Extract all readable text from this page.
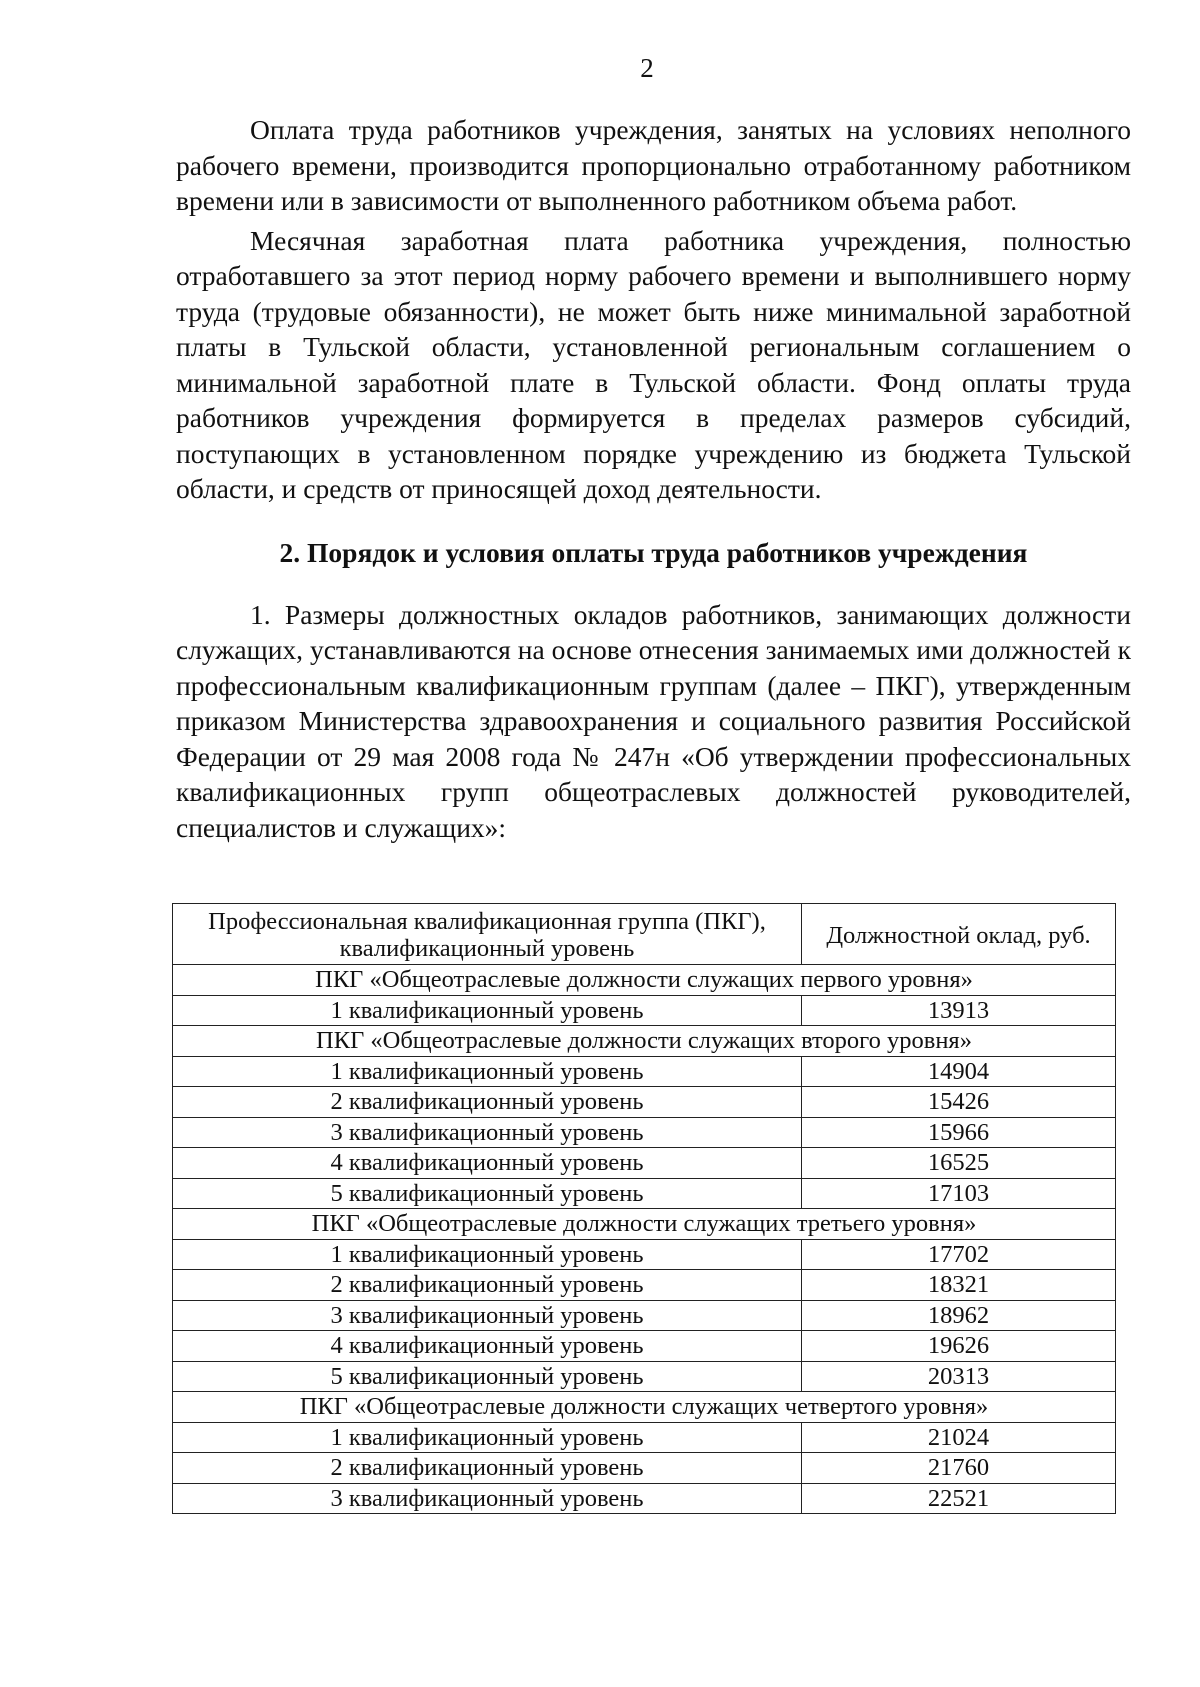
2

Оплата труда работников учреждения, занятых на условиях неполного рабочего времени, производится пропорционально отработанному работником времени или в зависимости от выполненного работником объема работ.

Месячная заработная плата работника учреждения, полностью отработавшего за этот период норму рабочего времени и выполнившего норму труда (трудовые обязанности), не может быть ниже минимальной заработной платы в Тульской области, установленной региональным соглашением о минимальной заработной плате в Тульской области. Фонд оплаты труда работников учреждения формируется в пределах размеров субсидий, поступающих в установленном порядке учреждению из бюджета Тульской области, и средств от приносящей доход деятельности.

2. Порядок и условия оплаты труда работников учреждения

1. Размеры должностных окладов работников, занимающих должности служащих, устанавливаются на основе отнесения занимаемых ими должностей к профессиональным квалификационным группам (далее – ПКГ), утвержденным приказом Министерства здравоохранения и социального развития Российской Федерации от 29 мая 2008 года № 247н «Об утверждении профессиональных квалификационных групп общеотраслевых должностей руководителей, специалистов и служащих»:

Профессиональная квалификационная группа (ПКГ), квалификационный уровень	Должностной оклад, руб.
ПКГ «Общеотраслевые должности служащих первого уровня»	
1 квалификационный уровень	13913
ПКГ «Общеотраслевые должности служащих второго уровня»	
1 квалификационный уровень	14904
2 квалификационный уровень	15426
3 квалификационный уровень	15966
4 квалификационный уровень	16525
5 квалификационный уровень	17103
ПКГ «Общеотраслевые должности служащих третьего уровня»	
1 квалификационный уровень	17702
2 квалификационный уровень	18321
3 квалификационный уровень	18962
4 квалификационный уровень	19626
5 квалификационный уровень	20313
ПКГ «Общеотраслевые должности служащих четвертого уровня»	
1 квалификационный уровень	21024
2 квалификационный уровень	21760
3 квалификационный уровень	22521
